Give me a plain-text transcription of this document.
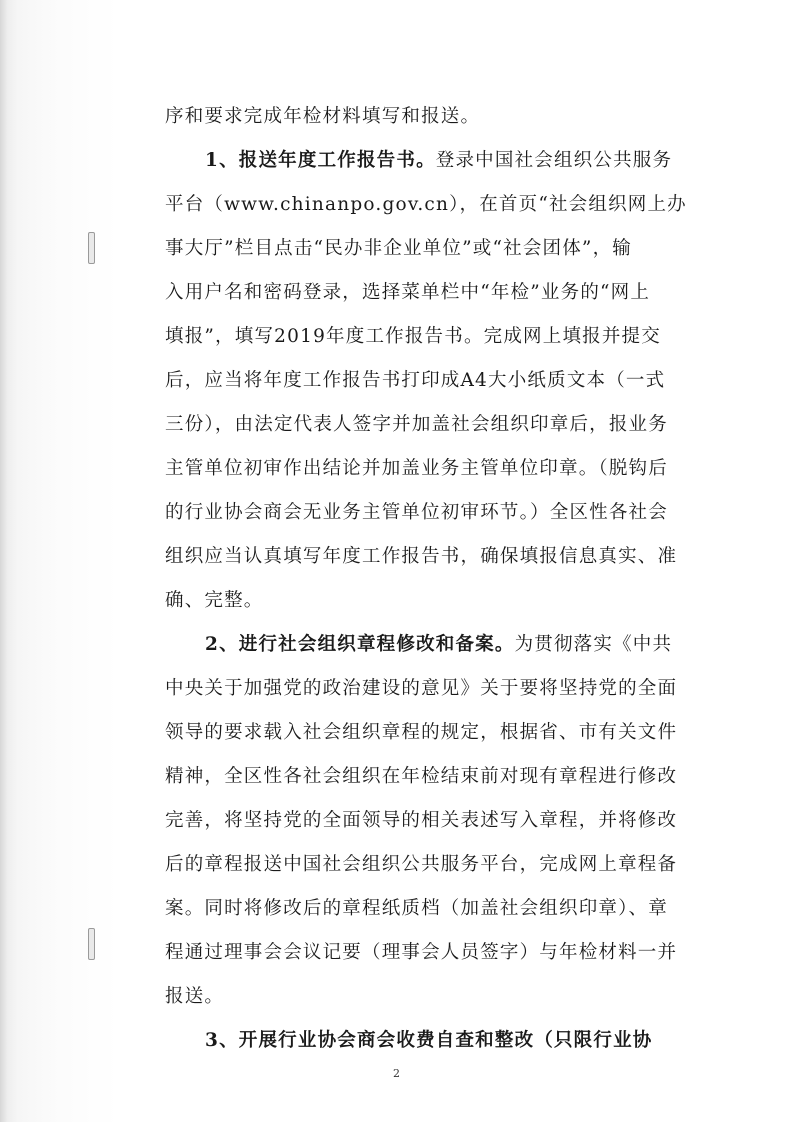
序和要求完成年检材料填写和报送。
1、报送年度工作报告书。登录中国社会组织公共服务
平台（www.chinanpo.gov.cn），在首页“社会组织网上办
事大厅”栏目点击“民办非企业单位”或“社会团体”，输
入用户名和密码登录，选择菜单栏中“年检”业务的“网上
填报”，填写2019年度工作报告书。完成网上填报并提交
后，应当将年度工作报告书打印成A4大小纸质文本（一式
三份），由法定代表人签字并加盖社会组织印章后，报业务
主管单位初审作出结论并加盖业务主管单位印章。（脱钩后
的行业协会商会无业务主管单位初审环节。）全区性各社会
组织应当认真填写年度工作报告书，确保填报信息真实、准
确、完整。
2、进行社会组织章程修改和备案。为贯彻落实《中共
中央关于加强党的政治建设的意见》关于要将坚持党的全面
领导的要求载入社会组织章程的规定，根据省、市有关文件
精神，全区性各社会组织在年检结束前对现有章程进行修改
完善，将坚持党的全面领导的相关表述写入章程，并将修改
后的章程报送中国社会组织公共服务平台，完成网上章程备
案。同时将修改后的章程纸质档（加盖社会组织印章）、章
程通过理事会会议记要（理事会人员签字）与年检材料一并
报送。
3、开展行业协会商会收费自查和整改（只限行业协
2
